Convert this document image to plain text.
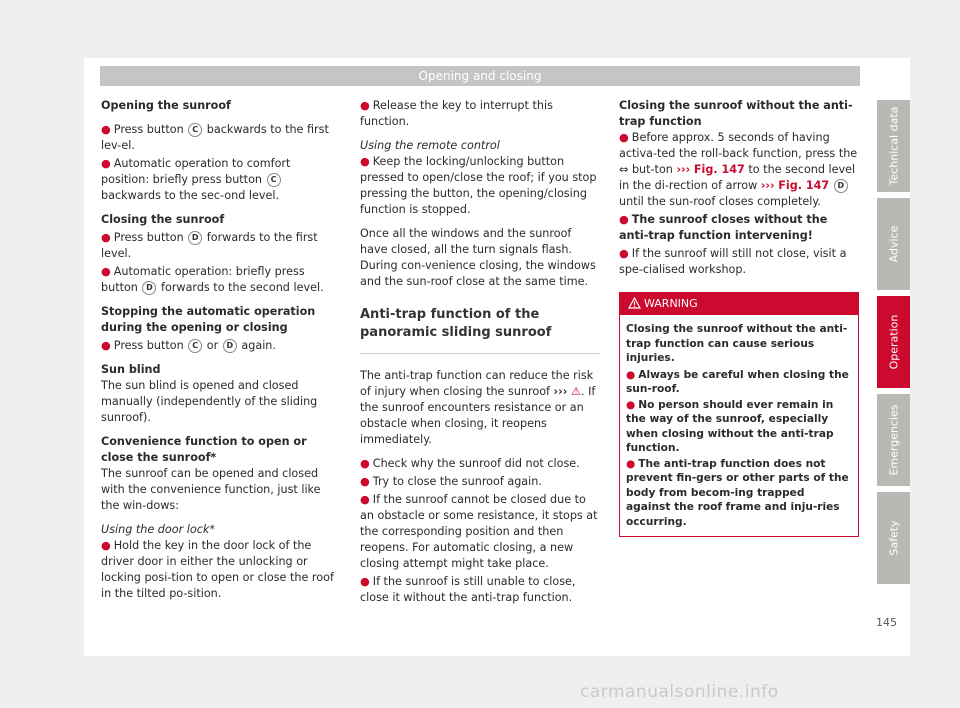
Opening and closing

Opening the sunroof

● Press button C backwards to the first lev-el.

● Automatic operation to comfort position: briefly press button C backwards to the sec-ond level.

Closing the sunroof

● Press button D forwards to the first level.

● Automatic operation: briefly press button D forwards to the second level.

Stopping the automatic operation during the opening or closing

● Press button C or D again.

Sun blind

The sun blind is opened and closed manually (independently of the sliding sunroof).

Convenience function to open or close the sunroof*

The sunroof can be opened and closed with the convenience function, just like the win-dows:

Using the door lock*

● Hold the key in the door lock of the driver door in either the unlocking or locking posi-tion to open or close the roof in the tilted po-sition.

● Release the key to interrupt this function.

Using the remote control

● Keep the locking/unlocking button pressed to open/close the roof; if you stop pressing the button, the opening/closing function is stopped.

Once all the windows and the sunroof have closed, all the turn signals flash. During con-venience closing, the windows and the sun-roof close at the same time.

Anti-trap function of the panoramic sliding sunroof

The anti-trap function can reduce the risk of injury when closing the sunroof ››› ⚠. If the sunroof encounters resistance or an obstacle when closing, it reopens immediately.

● Check why the sunroof did not close.

● Try to close the sunroof again.

● If the sunroof cannot be closed due to an obstacle or some resistance, it stops at the corresponding position and then reopens. For automatic closing, a new closing attempt might take place.

● If the sunroof is still unable to close, close it without the anti-trap function.

Closing the sunroof without the anti-trap function

● Before approx. 5 seconds of having activa-ted the roll-back function, press the ⇔ but-ton ››› Fig. 147 to the second level in the di-rection of arrow ››› Fig. 147 D until the sun-roof closes completely.

● The sunroof closes without the anti-trap function intervening!

● If the sunroof will still not close, visit a spe-cialised workshop.

WARNING

Closing the sunroof without the anti-trap function can cause serious injuries.

● Always be careful when closing the sun-roof.

● No person should ever remain in the way of the sunroof, especially when closing without the anti-trap function.

● The anti-trap function does not prevent fin-gers or other parts of the body from becom-ing trapped against the roof frame and inju-ries occurring.

Technical data
Advice
Operation
Emergencies
Safety
145
carmanualsonline.info
